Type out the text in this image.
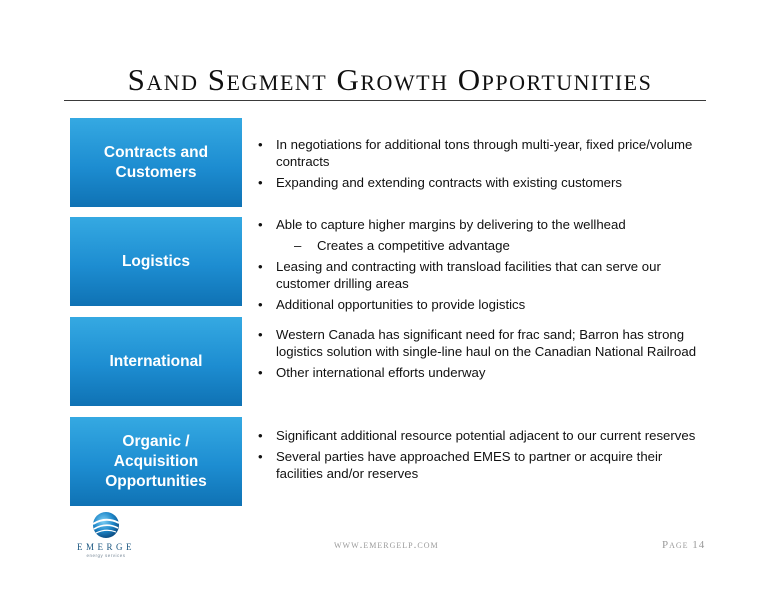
Sand Segment Growth Opportunities
Contracts and Customers
• In negotiations for additional tons through multi-year, fixed price/volume contracts
• Expanding and extending contracts with existing customers
Logistics
• Able to capture higher margins by delivering to the wellhead
– Creates a competitive advantage
• Leasing and contracting with transload facilities that can serve our customer drilling areas
• Additional opportunities to provide logistics
International
• Western Canada has significant need for frac sand; Barron has strong logistics solution with single-line haul on the Canadian National Railroad
• Other international efforts underway
Organic / Acquisition Opportunities
• Significant additional resource potential adjacent to our current reserves
• Several parties have approached EMES to partner or acquire their facilities and/or reserves
EMERGE
energy services
www.emergelp.com	Page 14
